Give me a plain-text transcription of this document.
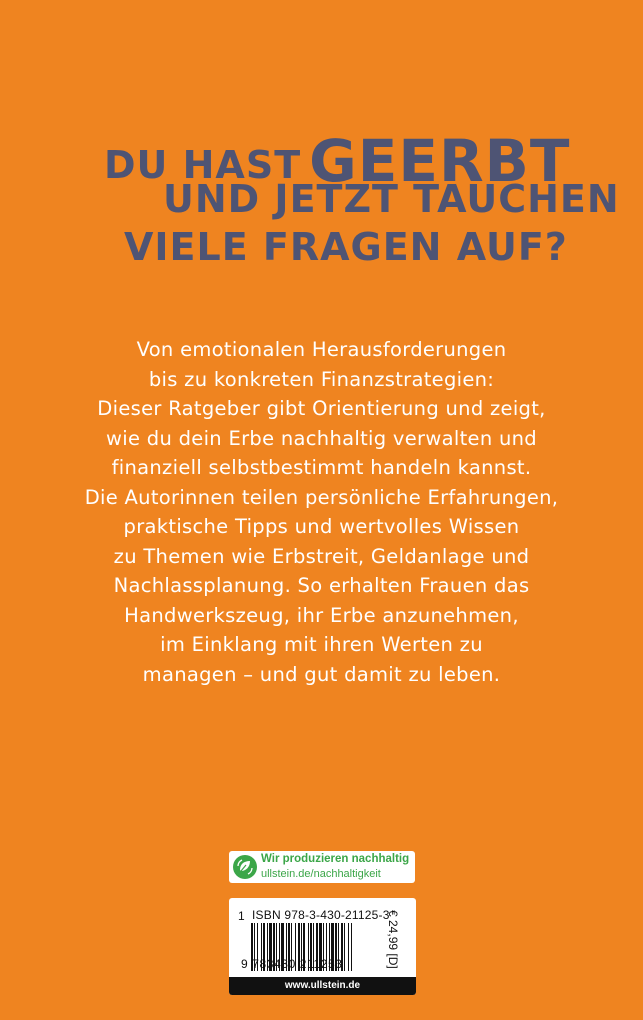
DU HAST GEERBT
UND JETZT TAUCHEN
VIELE FRAGEN AUF?
Von emotionalen Herausforderungen
bis zu konkreten Finanzstrategien:
Dieser Ratgeber gibt Orientierung und zeigt,
wie du dein Erbe nachhaltig verwalten und
finanziell selbstbestimmt handeln kannst.
Die Autorinnen teilen persönliche Erfahrungen,
praktische Tipps und wertvolles Wissen
zu Themen wie Erbstreit, Geldanlage und
Nachlassplanung. So erhalten Frauen das
Handwerkszeug, ihr Erbe anzunehmen,
im Einklang mit ihren Werten zu
managen – und gut damit zu leben.
Wir produzieren nachhaltig
ullstein.de/nachhaltigkeit
1 ISBN 978-3-430-21125-3
9 783430 211253	€ 24,99 [D]
www.ullstein.de
